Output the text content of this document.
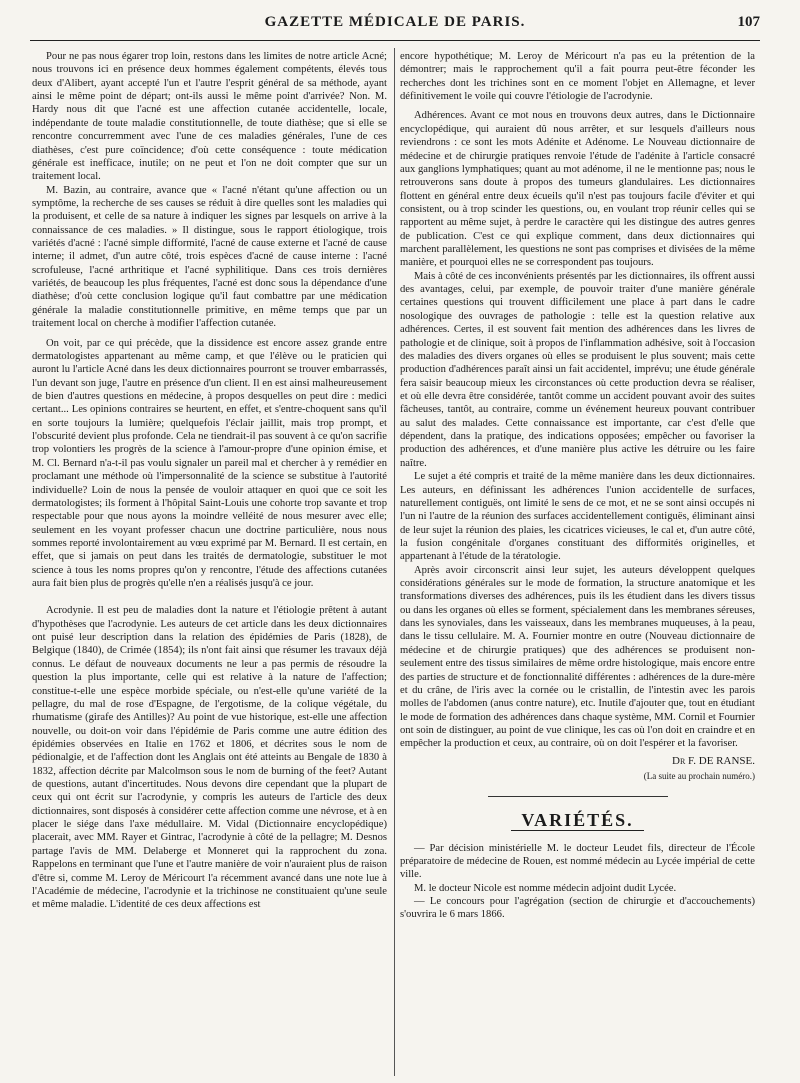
GAZETTE MÉDICALE DE PARIS.	107

Pour ne pas nous égarer trop loin, restons dans les limites de notre article Acné; nous trouvons ici en présence deux hommes également compétents, élevés tous deux d'Alibert, ayant accepté l'un et l'autre l'esprit général de sa méthode, ayant ainsi le même point de départ; ont-ils aussi le même point d'arrivée? Non. M. Hardy nous dit que l'acné est une affection cutanée accidentelle, locale, indépendante de toute maladie constitutionnelle, de toute diathèse; que si elle se rencontre concurremment avec l'une de ces maladies générales, l'une de ces diathèses, c'est pure coïncidence; d'où cette conséquence : toute médication générale est inefficace, inutile; on ne peut et l'on ne doit compter que sur un traitement local.

M. Bazin, au contraire, avance que « l'acné n'étant qu'une affection ou un symptôme, la recherche de ses causes se réduit à dire quelles sont les maladies qui la produisent, et celle de sa nature à indiquer les signes par lesquels on arrive à la connaissance de ces maladies. » Il distingue, sous le rapport étiologique, trois variétés d'acné : l'acné simple difformité, l'acné de cause externe et l'acné de cause interne; il admet, d'un autre côté, trois espèces d'acné de cause interne : l'acné scrofuleuse, l'acné arthritique et l'acné syphilitique. Dans ces trois dernières variétés, de beaucoup les plus fréquentes, l'acné est donc sous la dépendance d'une diathèse; d'où cette conclusion logique qu'il faut combattre par une médication générale la maladie constitutionnelle primitive, en même temps que par un traitement local on cherche à modifier l'affection cutanée.

On voit, par ce qui précède, que la dissidence est encore assez grande entre dermatologistes appartenant au même camp, et que l'élève ou le praticien qui auront lu l'article Acné dans les deux dictionnaires pourront se trouver embarrassés, l'un devant son juge, l'autre en présence d'un client. Il en est ainsi malheureusement de bien d'autres questions en médecine, à propos desquelles on peut dire : medici certant... Les opinions contraires se heurtent, en effet, et s'entre-choquent sans qu'il en sorte toujours la lumière; quelquefois l'éclair jaillit, mais trop prompt, et l'obscurité devient plus profonde. Cela ne tiendrait-il pas souvent à ce qu'on sacrifie trop volontiers les progrès de la science à l'amour-propre d'une opinion émise, et M. Cl. Bernard n'a-t-il pas voulu signaler un pareil mal et chercher à y remédier en proclamant une méthode où l'impersonnalité de la science se substitue à l'autorité individuelle? Loin de nous la pensée de vouloir attaquer en quoi que ce soit les dermatologistes; ils forment à l'hôpital Saint-Louis une cohorte trop savante et trop respectable pour que nous ayons la moindre velléité de nous mesurer avec elle; seulement en les voyant professer chacun une doctrine particulière, nous nous sommes reporté involontairement au vœu exprimé par M. Bernard. Il est certain, en effet, que si jamais on peut dans les traités de dermatologie, substituer le mot science à tous les noms propres qu'on y rencontre, l'étude des affections cutanées aura fait bien plus de progrès qu'elle n'en a réalisés jusqu'à ce jour.

Acrodynie. Il est peu de maladies dont la nature et l'étiologie prêtent à autant d'hypothèses que l'acrodynie. Les auteurs de cet article dans les deux dictionnaires ont puisé leur description dans la relation des épidémies de Paris (1828), de Belgique (1840), de Crimée (1854); ils n'ont fait ainsi que résumer les travaux déjà connus. Le défaut de nouveaux documents ne leur a pas permis de résoudre la question la plus importante, celle qui est relative à la nature de l'affection; constitue-t-elle une espèce morbide spéciale, ou n'est-elle qu'une variété de la pellagre, du mal de rose d'Espagne, de l'ergotisme, de la colique végétale, du rhumatisme (girafe des Antilles)? Au point de vue historique, est-elle une affection nouvelle, ou doit-on voir dans l'épidémie de Paris comme une autre édition des épidémies observées en Italie en 1762 et 1806, et décrites sous le nom de pédionalgie, et de l'affection dont les Anglais ont été atteints au Bengale de 1830 à 1832, affection décrite par Malcolmson sous le nom de burning of the feet? Autant de questions, autant d'incertitudes. Nous devons dire cependant que la plupart de ceux qui ont écrit sur l'acrodynie, y compris les auteurs de l'article des deux dictionnaires, sont disposés à considérer cette affection comme une névrose, et à en placer le siége dans l'axe médullaire. M. Vidal (Dictionnaire encyclopédique) placerait, avec MM. Rayer et Gintrac, l'acrodynie à côté de la pellagre; M. Desnos partage l'avis de MM. Delaberge et Monneret qui la rapprochent du zona. Rappelons en terminant que l'une et l'autre manière de voir n'auraient plus de raison d'être si, comme M. Leroy de Méricourt l'a récemment avancé dans une note lue à l'Académie de médecine, l'acrodynie et la trichinose ne constituaient qu'une seule et même maladie. L'identité de ces deux affections est

encore hypothétique; M. Leroy de Méricourt n'a pas eu la prétention de la démontrer; mais le rapprochement qu'il a fait pourra peut-être féconder les recherches dont les trichines sont en ce moment l'objet en Allemagne, et lever définitivement le voile qui couvre l'étiologie de l'acrodynie.

Adhérences. Avant ce mot nous en trouvons deux autres, dans le Dictionnaire encyclopédique, qui auraient dû nous arrêter, et sur lesquels d'ailleurs nous reviendrons : ce sont les mots Adénite et Adénome. Le Nouveau dictionnaire de médecine et de chirurgie pratiques renvoie l'étude de l'adénite à l'article consacré aux ganglions lymphatiques; quant au mot adénome, il ne le mentionne pas; nous le retrouverons sans doute à propos des tumeurs glandulaires. Les dictionnaires flottent en général entre deux écueils qu'il n'est pas toujours facile d'éviter et qui consistent, ou à trop scinder les questions, ou, en voulant trop réunir celles qui se rapportent au même sujet, à perdre le caractère qui les distingue des autres genres de publication. C'est ce qui explique comment, dans deux dictionnaires qui marchent parallèlement, les questions ne sont pas comprises et divisées de la même manière, et pourquoi elles ne se correspondent pas toujours.

Mais à côté de ces inconvénients présentés par les dictionnaires, ils offrent aussi des avantages, celui, par exemple, de pouvoir traiter d'une manière générale certaines questions qui trouvent difficilement une place à part dans le cadre nosologique des ouvrages de pathologie : telle est la question relative aux adhérences. Certes, il est souvent fait mention des adhérences dans les livres de pathologie et de clinique, soit à propos de l'inflammation adhésive, soit à l'occasion des maladies des divers organes où elles se produisent le plus souvent; mais cette production d'adhérences paraît ainsi un fait accidentel, imprévu; une étude générale fera saisir beaucoup mieux les circonstances où cette production devra se réaliser, et où elle devra être considérée, tantôt comme un accident pouvant avoir des suites fâcheuses, tantôt, au contraire, comme un événement heureux pouvant contribuer au salut des malades. Cette connaissance est importante, car c'est d'elle que dépendent, dans la pratique, des indications opposées; empêcher ou favoriser la production des adhérences, et d'une manière plus active les détruire ou les faire naître.

Le sujet a été compris et traité de la même manière dans les deux dictionnaires. Les auteurs, en définissant les adhérences l'union accidentelle de surfaces, naturellement contiguës, ont limité le sens de ce mot, et ne se sont ainsi occupés ni l'un ni l'autre de la réunion des surfaces accidentellement contiguës, éliminant ainsi de leur sujet la réunion des plaies, les cicatrices vicieuses, le cal et, d'un autre côté, la fusion congénitale d'organes constituant des difformités originelles, et appartenant à l'étude de la tératologie.

Après avoir circonscrit ainsi leur sujet, les auteurs développent quelques considérations générales sur le mode de formation, la structure anatomique et les transformations diverses des adhérences, puis ils les étudient dans les divers tissus ou dans les organes où elles se forment, spécialement dans les membranes séreuses, dans les synoviales, dans les vaisseaux, dans les membranes muqueuses, à la peau, dans le tissu cellulaire. M. A. Fournier montre en outre (Nouveau dictionnaire de médecine et de chirurgie pratiques) que des adhérences se produisent non-seulement entre des tissus similaires de même ordre histologique, mais encore entre des parties de structure et de fonctionnalité différentes : adhérences de la dure-mère et du crâne, de l'iris avec la cornée ou le cristallin, de l'intestin avec les parois molles de l'abdomen (anus contre nature), etc. Inutile d'ajouter que, tout en étudiant le mode de formation des adhérences dans chaque système, MM. Cornil et Fournier ont soin de distinguer, au point de vue clinique, les cas où l'on doit en craindre et en empêcher la production et ceux, au contraire, où on doit l'espérer et la favoriser.

Dr F. DE RANSE.
(La suite au prochain numéro.)
VARIÉTÉS.

— Par décision ministérielle M. le docteur Leudet fils, directeur de l'École préparatoire de médecine de Rouen, est nommé médecin au Lycée impérial de cette ville.

M. le docteur Nicole est nomme médecin adjoint dudit Lycée.

— Le concours pour l'agrégation (section de chirurgie et d'accouchements) s'ouvrira le 6 mars 1866.
